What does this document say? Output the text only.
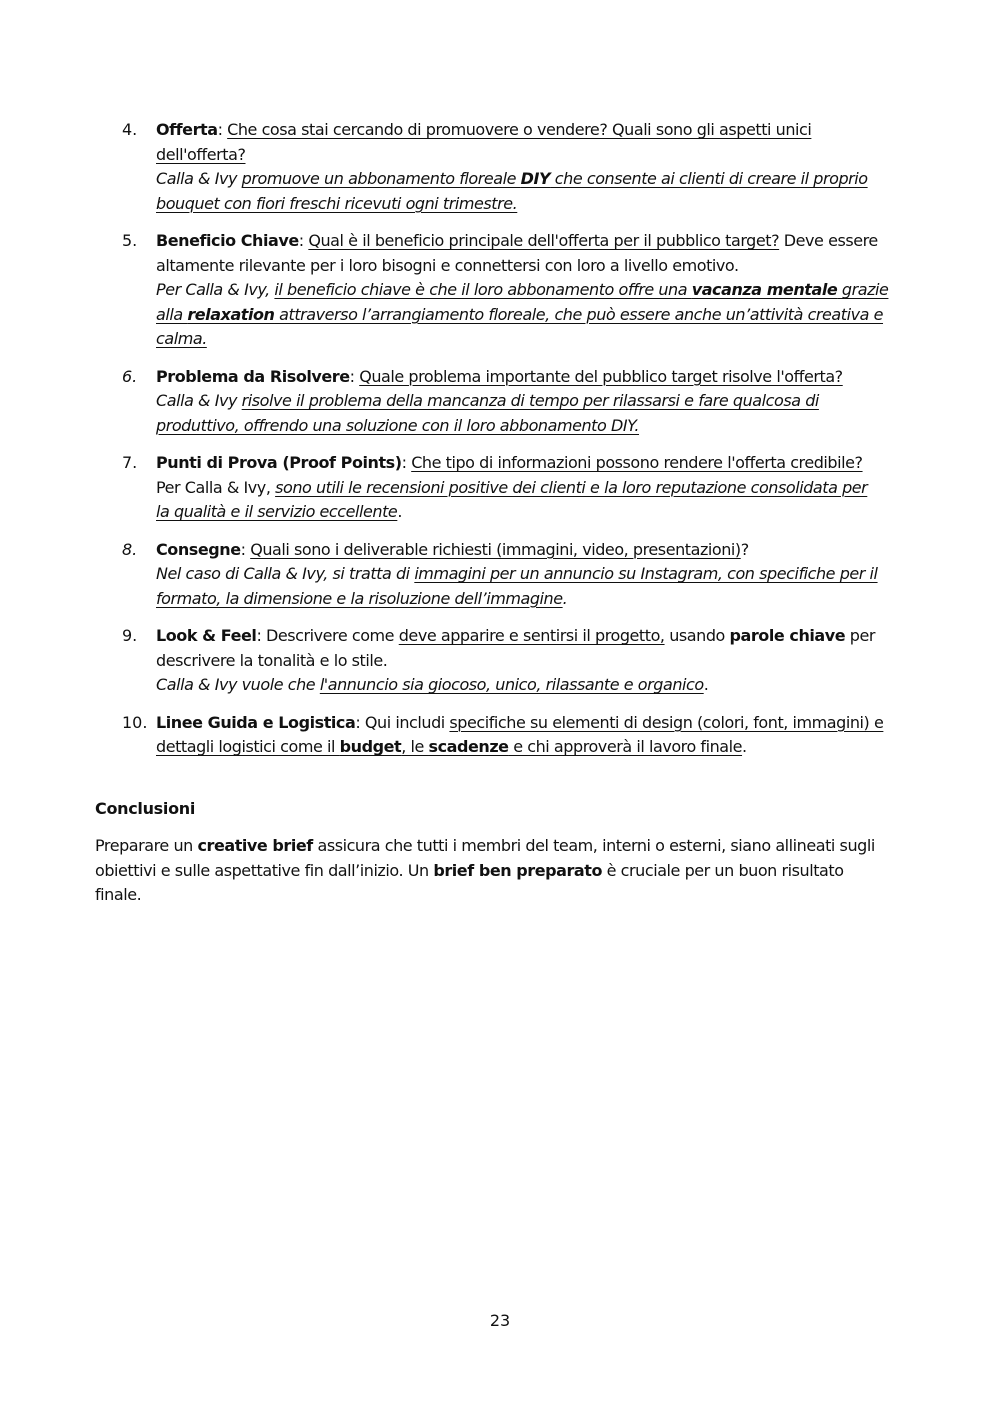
4.	Offerta: Che cosa stai cercando di promuovere o vendere? Quali sono gli aspetti unici
dell'offerta?
Calla & Ivy promuove un abbonamento floreale DIY che consente ai clienti di creare il proprio
bouquet con fiori freschi ricevuti ogni trimestre.
5.	Beneficio Chiave: Qual è il beneficio principale dell'offerta per il pubblico target? Deve essere
altamente rilevante per i loro bisogni e connettersi con loro a livello emotivo.
Per Calla & Ivy, il beneficio chiave è che il loro abbonamento offre una vacanza mentale grazie
alla relaxation attraverso l’arrangiamento floreale, che può essere anche un’attività creativa e
calma.
6.	Problema da Risolvere: Quale problema importante del pubblico target risolve l'offerta?
Calla & Ivy risolve il problema della mancanza di tempo per rilassarsi e fare qualcosa di
produttivo, offrendo una soluzione con il loro abbonamento DIY.
7.	Punti di Prova (Proof Points): Che tipo di informazioni possono rendere l'offerta credibile?
Per Calla & Ivy, sono utili le recensioni positive dei clienti e la loro reputazione consolidata per
la qualità e il servizio eccellente.
8.	Consegne: Quali sono i deliverable richiesti (immagini, video, presentazioni)?
Nel caso di Calla & Ivy, si tratta di immagini per un annuncio su Instagram, con specifiche per il
formato, la dimensione e la risoluzione dell’immagine.
9.	Look & Feel: Descrivere come deve apparire e sentirsi il progetto, usando parole chiave per
descrivere la tonalità e lo stile.
Calla & Ivy vuole che l'annuncio sia giocoso, unico, rilassante e organico.
10. Linee Guida e Logistica: Qui includi specifiche su elementi di design (colori, font, immagini) e
dettagli logistici come il budget, le scadenze e chi approverà il lavoro finale.
Conclusioni
Preparare un creative brief assicura che tutti i membri del team, interni o esterni, siano allineati sugli
obiettivi e sulle aspettative fin dall’inizio. Un brief ben preparato è cruciale per un buon risultato
finale.
23
